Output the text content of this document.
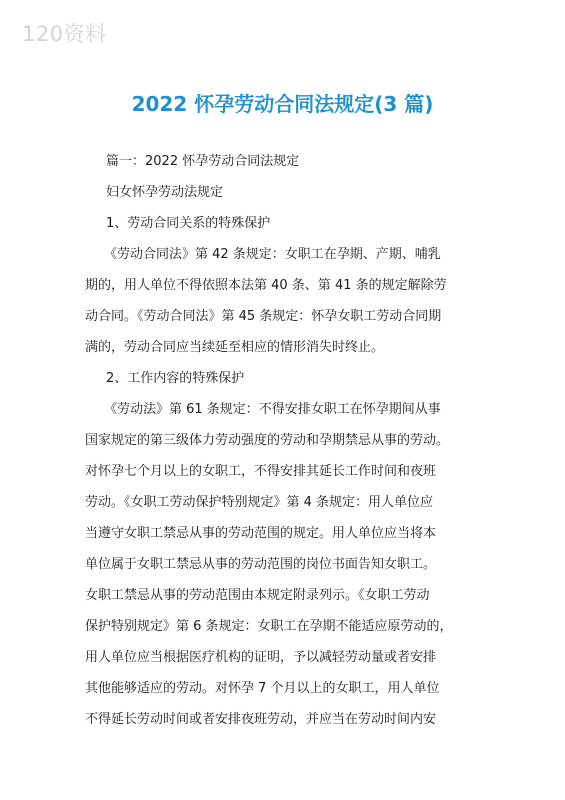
120资料
2022 怀孕劳动合同法规定(3 篇)
篇一：2022 怀孕劳动合同法规定
妇女怀孕劳动法规定
1、劳动合同关系的特殊保护
《劳动合同法》第 42 条规定：女职工在孕期、产期、哺乳
期的，用人单位不得依照本法第 40 条、第 41 条的规定解除劳
动合同。《劳动合同法》第 45 条规定：怀孕女职工劳动合同期
满的，劳动合同应当续延至相应的情形消失时终止。
2、工作内容的特殊保护
《劳动法》第 61 条规定：不得安排女职工在怀孕期间从事
国家规定的第三级体力劳动强度的劳动和孕期禁忌从事的劳动。
对怀孕七个月以上的女职工，不得安排其延长工作时间和夜班
劳动。《女职工劳动保护特别规定》第 4 条规定：用人单位应
当遵守女职工禁忌从事的劳动范围的规定。用人单位应当将本
单位属于女职工禁忌从事的劳动范围的岗位书面告知女职工。
女职工禁忌从事的劳动范围由本规定附录列示。《女职工劳动
保护特别规定》第 6 条规定：女职工在孕期不能适应原劳动的，
用人单位应当根据医疗机构的证明，予以减轻劳动量或者安排
其他能够适应的劳动。对怀孕 7 个月以上的女职工，用人单位
不得延长劳动时间或者安排夜班劳动，并应当在劳动时间内安
